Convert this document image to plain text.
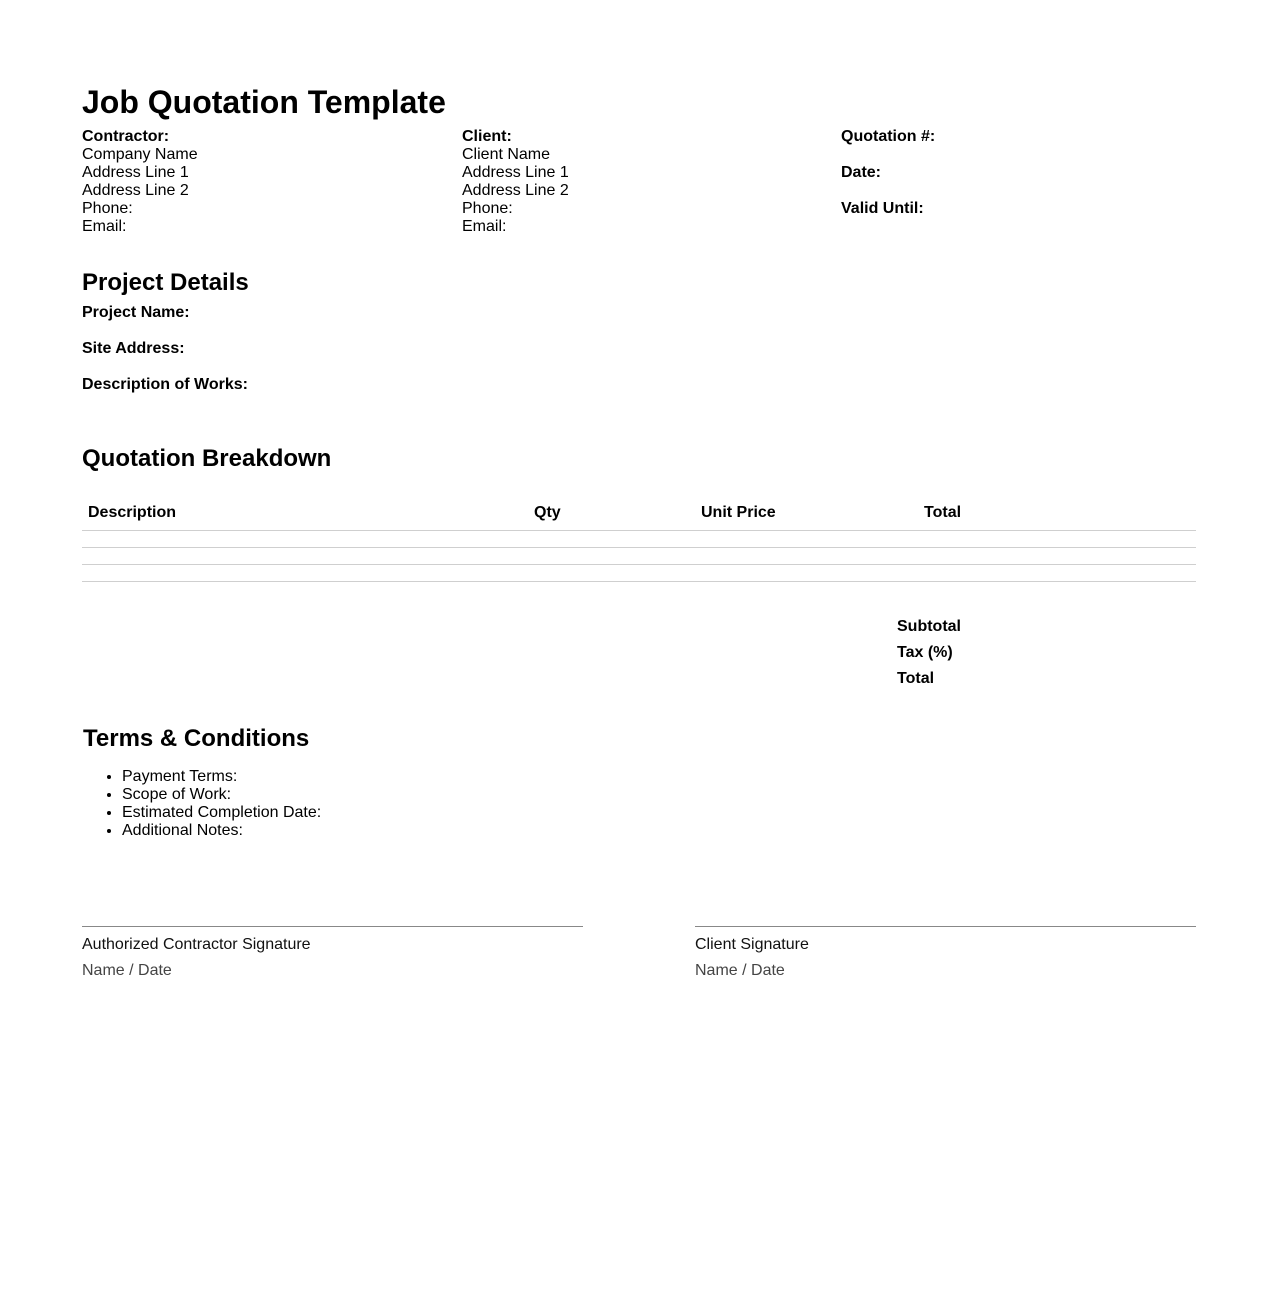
Job Quotation Template
Contractor:
Company Name
Address Line 1
Address Line 2
Phone:
Email:
Client:
Client Name
Address Line 1
Address Line 2
Phone:
Email:
Quotation #:
Date:
Valid Until:
Project Details
Project Name:
Site Address:
Description of Works:
Quotation Breakdown
Description	Qty	Unit Price	Total

Subtotal
Tax (%)
Total
Terms & Conditions
• Payment Terms:
• Scope of Work:
• Estimated Completion Date:
• Additional Notes:
Authorized Contractor Signature
Name / Date
Client Signature
Name / Date
